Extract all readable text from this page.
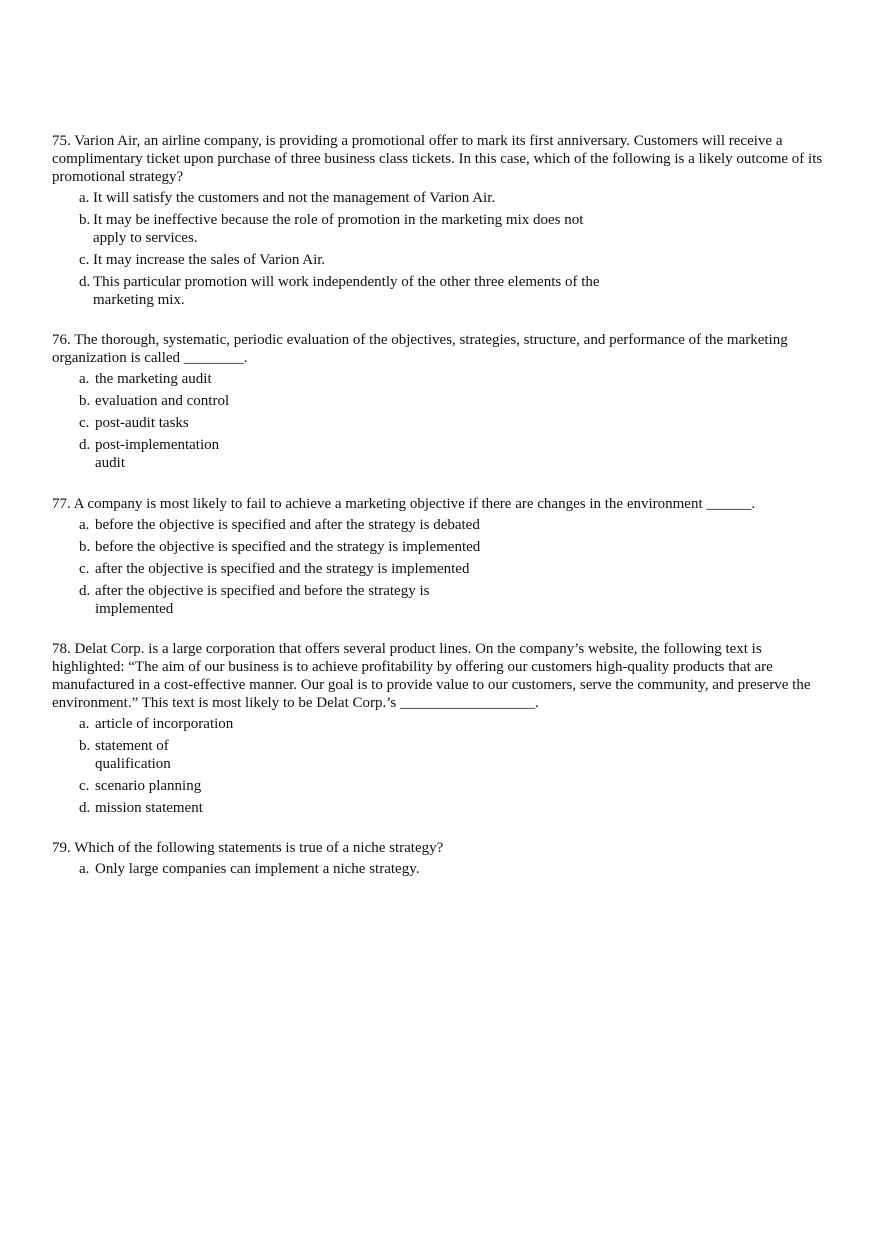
75. Varion Air, an airline company, is providing a promotional offer to mark its first anniversary. Customers will receive a complimentary ticket upon purchase of three business class tickets. In this case, which of the following is a likely outcome of its promotional strategy?

a. It will satisfy the customers and not the management of Varion Air.
b. It may be ineffective because the role of promotion in the marketing mix does not apply to services.
c. It may increase the sales of Varion Air.
d. This particular promotion will work independently of the other three elements of the marketing mix.

76. The thorough, systematic, periodic evaluation of the objectives, strategies, structure, and performance of the marketing organization is called ________.

a. the marketing audit
b. evaluation and control
c. post-audit tasks
d. post-implementation audit

77. A company is most likely to fail to achieve a marketing objective if there are changes in the environment ______.

a. before the objective is specified and after the strategy is debated
b. before the objective is specified and the strategy is implemented
c. after the objective is specified and the strategy is implemented
d. after the objective is specified and before the strategy is implemented

78. Delat Corp. is a large corporation that offers several product lines. On the company’s website, the following text is highlighted: “The aim of our business is to achieve profitability by offering our customers high-quality products that are manufactured in a cost-effective manner. Our goal is to provide value to our customers, serve the community, and preserve the environment.” This text is most likely to be Delat Corp.’s __________________.

a. article of incorporation
b. statement of qualification
c. scenario planning
d. mission statement

79. Which of the following statements is true of a niche strategy?

a. Only large companies can implement a niche strategy.
